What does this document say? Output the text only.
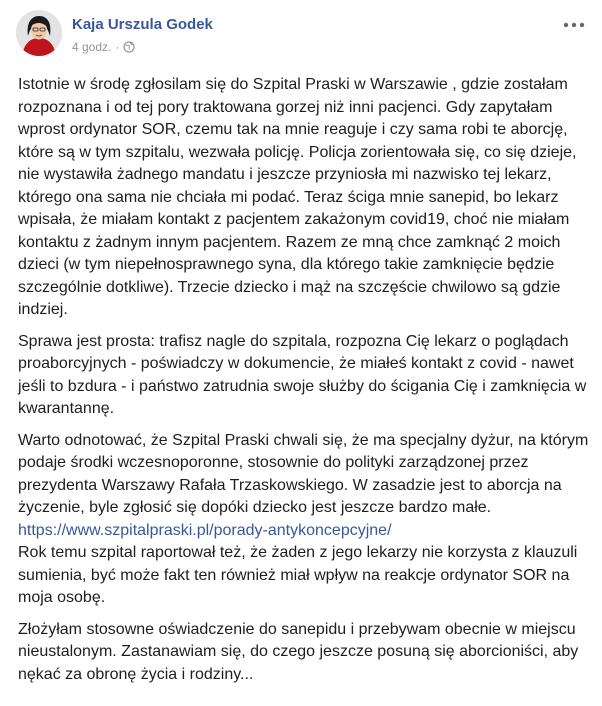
Kaja Urszula Godek
4 godz. ·

Istotnie w środę zgłosilam się do Szpital Praski w Warszawie , gdzie zostałam rozpoznana i od tej pory traktowana gorzej niż inni pacjenci. Gdy zapytałam wprost ordynator SOR, czemu tak na mnie reaguje i czy sama robi te aborcję, które są w tym szpitalu, wezwała policję. Policja zorientowała się, co się dzieje, nie wystawiła żadnego mandatu i jeszcze przyniosła mi nazwisko tej lekarz, którego ona sama nie chciała mi podać. Teraz ściga mnie sanepid, bo lekarz wpisała, że miałam kontakt z pacjentem zakażonym covid19, choć nie miałam kontaktu z żadnym innym pacjentem. Razem ze mną chce zamknąć 2 moich dzieci (w tym niepełnosprawnego syna, dla którego takie zamknięcie będzie szczególnie dotkliwe). Trzecie dziecko i mąż na szczęście chwilowo są gdzie indziej.

Sprawa jest prosta: trafisz nagle do szpitala, rozpozna Cię lekarz o poglądach proaborcyjnych - poświadczy w dokumencie, że miałeś kontakt z covid - nawet jeśli to bzdura - i państwo zatrudnia swoje służby do ścigania Cię i zamknięcia w kwarantannę.

Warto odnotować, że Szpital Praski chwali się, że ma specjalny dyżur, na którym podaje środki wczesnoporonne, stosownie do polityki zarządzonej przez prezydenta Warszawy Rafała Trzaskowskiego. W zasadzie jest to aborcja na życzenie, byle zgłosić się dopóki dziecko jest jeszcze bardzo małe. https://www.szpitalpraski.pl/porady-antykoncepcyjne/
Rok temu szpital raportował też, że żaden z jego lekarzy nie korzysta z klauzuli sumienia, być może fakt ten również miał wpływ na reakcje ordynator SOR na moja osobę.

Złożyłam stosowne oświadczenie do sanepidu i przebywam obecnie w miejscu nieustalonym. Zastanawiam się, do czego jeszcze posuną się aborcioniści, aby nękać za obronę życia i rodziny...
